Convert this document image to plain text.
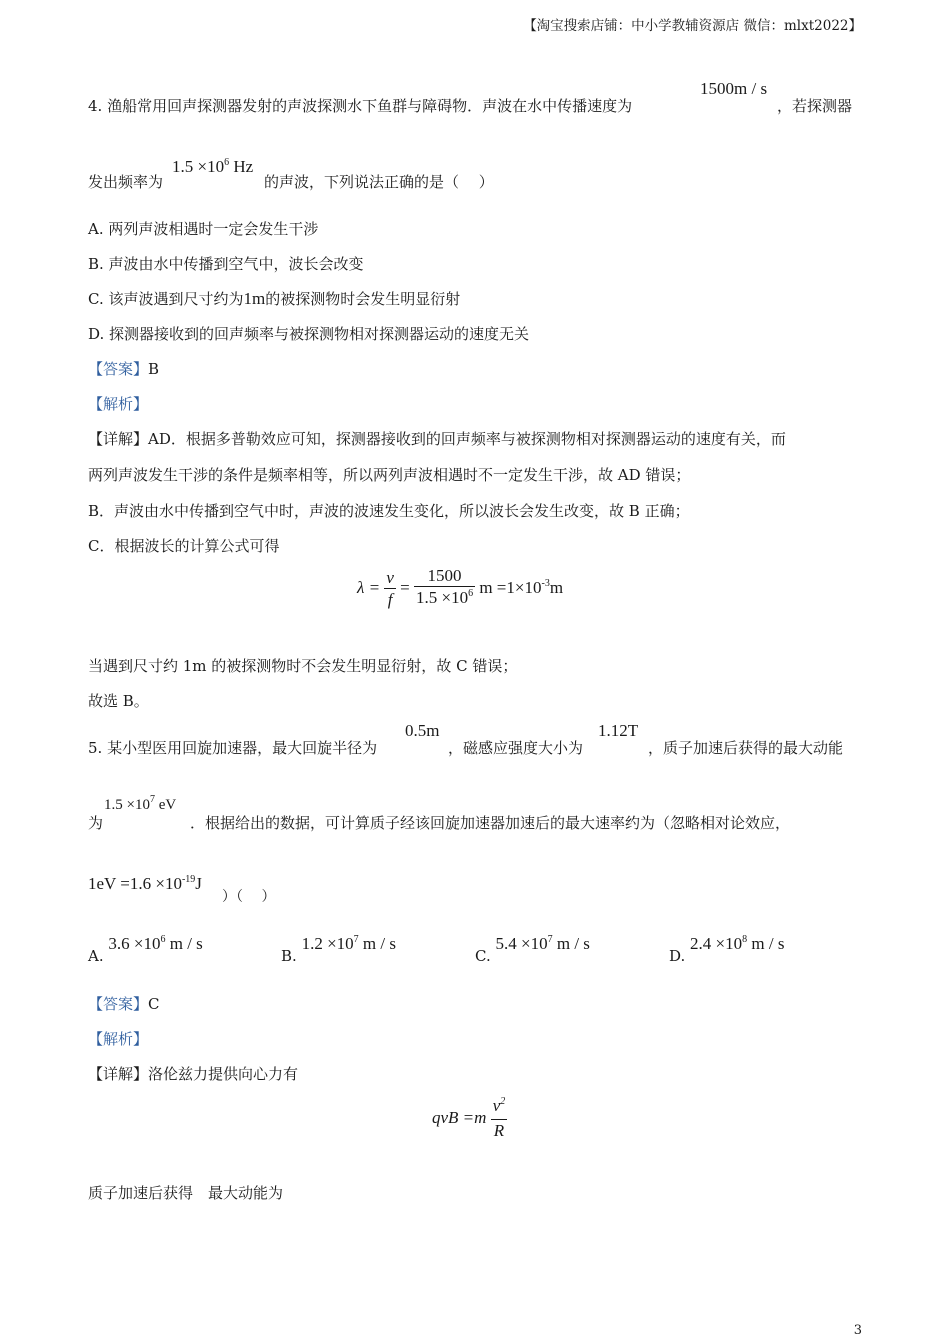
【淘宝搜索店铺：中小学教辅资源店 微信：mlxt2022】
4. 渔船常用回声探测器发射的声波探测水下鱼群与障碍物．声波在水中传播速度为
1500m / s
，若探测器
发出频率为
$1.5 \times 10^6$ Hz
的声波，下列说法正确的是（　 ）
A. 两列声波相遇时一定会发生干涉
B. 声波由水中传播到空气中，波长会改变
C. 该声波遇到尺寸约为1m的被探测物时会发生明显衍射
D. 探测器接收到的回声频率与被探测物相对探测器运动的速度无关
【答案】B
【解析】
【详解】AD．根据多普勒效应可知，探测器接收到的回声频率与被探测物相对探测器运动的速度有关，而
两列声波发生干涉的条件是频率相等，所以两列声波相遇时不一定发生干涉，故 AD 错误；
B．声波由水中传播到空气中时，声波的波速发生变化，所以波长会发生改变，故 B 正确；
C．根据波长的计算公式可得
$\lambda = \frac{v}{f} = \frac{1500}{1.5 \times 10^6}$ $m =1\times 10^{-3}m$
当遇到尺寸约 1m 的被探测物时不会发生明显衍射，故 C 错误；
故选 B。
5. 某小型医用回旋加速器，最大回旋半径为
0.5m
，磁感应强度大小为
1.12T
，质子加速后获得的最大动能
为
$1.5 \times 10^7$ eV
．根据给出的数据，可计算质子经该回旋加速器加速后的最大速率约为（忽略相对论效应，
$1eV =1.6 \times 10^{-19}J$
）（　 ）
A. $3.6 \times 10^6$ m / s
B. $1.2 \times 10^7$ m / s
C. $5.4 \times 10^7$ m / s
D. $2.4 \times 10^8$ m / s
【答案】C
【解析】
【详解】洛伦兹力提供向心力有
qvB $=m \frac{v^2}{R}$
质子加速后获得　最大动能为
3
